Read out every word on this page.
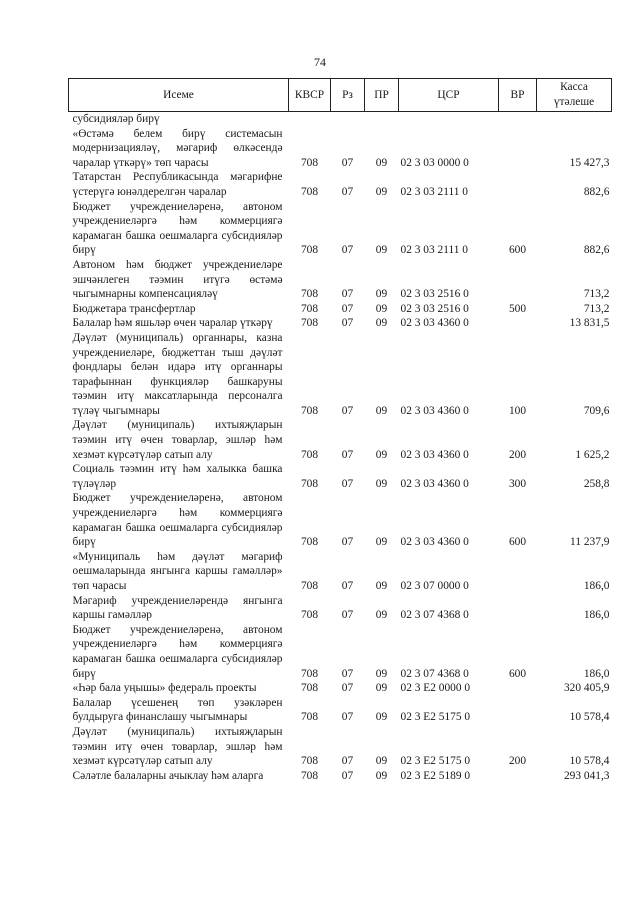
74
Исеме	КВСР	Рз	ПР	ЦСР	ВР	Касса үтәлеше
субсидияләр бирү						
«Өстәмә белем бирү системасын модернизацияләү, мәгариф өлкәсендә чаралар үткәрү» төп чарасы	708	07	09	02 3 03 0000 0		15 427,3
Татарстан Республикасында мәгарифне үстерүгә юнәлдерелгән чаралар	708	07	09	02 3 03 2111 0		882,6
Бюджет учреждениеләренә, автоном учреждениеләргә һәм коммерциягә карамаган башка оешмаларга субсидияләр бирү	708	07	09	02 3 03 2111 0	600	882,6
Автоном һәм бюджет учреждениеләре эшчәнлеген тәэмин итүгә өстәмә чыгымнарны компенсацияләү	708	07	09	02 3 03 2516 0		713,2
Бюджетара трансфертлар	708	07	09	02 3 03 2516 0	500	713,2
Балалар һәм яшьләр өчен чаралар үткәрү	708	07	09	02 3 03 4360 0		13 831,5
Дәүләт (муниципаль) органнары, казна учреждениеләре, бюджеттан тыш дәүләт фондлары белән идарә итү органнары тарафыннан функцияләр башкаруны тәэмин итү максатларында персоналга түләү чыгымнары	708	07	09	02 3 03 4360 0	100	709,6
Дәүләт (муниципаль) ихтыяҗларын тәэмин итү өчен товарлар, эшләр һәм хезмәт күрсәтүләр сатып алу	708	07	09	02 3 03 4360 0	200	1 625,2
Социаль тәэмин итү һәм халыкка башка түләүләр	708	07	09	02 3 03 4360 0	300	258,8
Бюджет учреждениеләренә, автоном учреждениеләргә һәм коммерциягә карамаган башка оешмаларга субсидияләр бирү	708	07	09	02 3 03 4360 0	600	11 237,9
«Муниципаль һәм дәүләт мәгариф оешмаларында янгынга каршы гамәлләр» төп чарасы	708	07	09	02 3 07 0000 0		186,0
Мәгариф учреждениеләрендә янгынга каршы гамәлләр	708	07	09	02 3 07 4368 0		186,0
Бюджет учреждениеләренә, автоном учреждениеләргә һәм коммерциягә карамаган башка оешмаларга субсидияләр бирү	708	07	09	02 3 07 4368 0	600	186,0
«Һәр бала уңышы» федераль проекты	708	07	09	02 3 E2 0000 0		320 405,9
Балалар үсешенең төп узәкләрен булдыруга финанслашу чыгымнары	708	07	09	02 3 E2 5175 0		10 578,4
Дәүләт (муниципаль) ихтыяҗларын тәэмин итү өчен товарлар, эшләр һәм хезмәт күрсәтүләр сатып алу	708	07	09	02 3 E2 5175 0	200	10 578,4
Сәләтле балаларны ачыклау һәм аларга	708	07	09	02 3 E2 5189 0		293 041,3
